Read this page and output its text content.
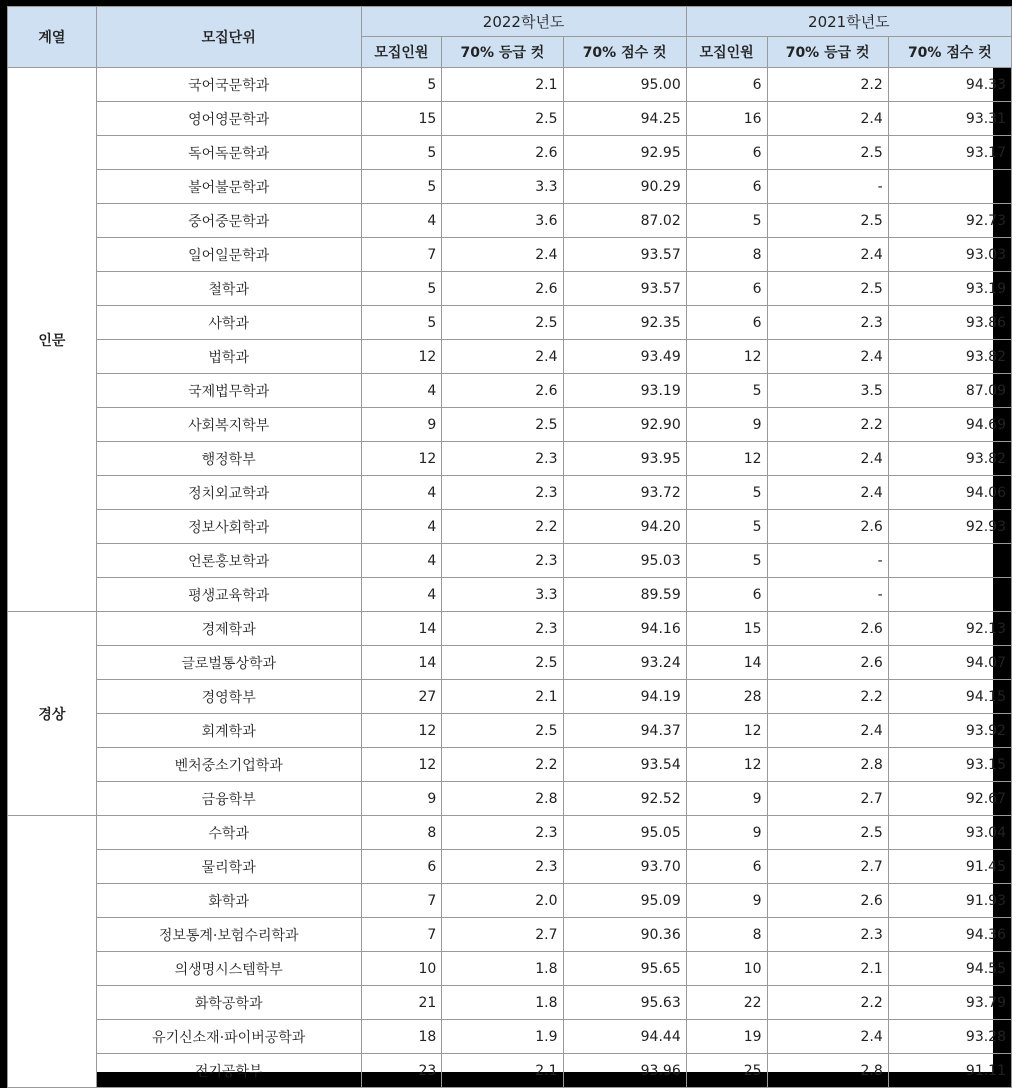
계열	모집단위	2022학년도			2021학년도		
		모집인원	70% 등급 컷	70% 점수 컷	모집인원	70% 등급 컷	70% 점수 컷
인문	국어국문학과	5	2.1	95.00	6	2.2	94.33
	영어영문학과	15	2.5	94.25	16	2.4	93.31
	독어독문학과	5	2.6	92.95	6	2.5	93.17
	불어불문학과	5	3.3	90.29	6	-	
	중어중문학과	4	3.6	87.02	5	2.5	92.73
	일어일문학과	7	2.4	93.57	8	2.4	93.03
	철학과	5	2.6	93.57	6	2.5	93.19
	사학과	5	2.5	92.35	6	2.3	93.86
	법학과	12	2.4	93.49	12	2.4	93.82
	국제법무학과	4	2.6	93.19	5	3.5	87.09
	사회복지학부	9	2.5	92.90	9	2.2	94.69
	행정학부	12	2.3	93.95	12	2.4	93.82
	정치외교학과	4	2.3	93.72	5	2.4	94.06
	정보사회학과	4	2.2	94.20	5	2.6	92.93
	언론홍보학과	4	2.3	95.03	5	-	
	평생교육학과	4	3.3	89.59	6	-	
경상	경제학과	14	2.3	94.16	15	2.6	92.13
	글로벌통상학과	14	2.5	93.24	14	2.6	94.07
	경영학부	27	2.1	94.19	28	2.2	94.15
	회계학과	12	2.5	94.37	12	2.4	93.92
	벤처중소기업학과	12	2.2	93.54	12	2.8	93.15
	금융학부	9	2.8	92.52	9	2.7	92.67
	수학과	8	2.3	95.05	9	2.5	93.04
	물리학과	6	2.3	93.70	6	2.7	91.45
	화학과	7	2.0	95.09	9	2.6	91.93
	정보통계·보험수리학과	7	2.7	90.36	8	2.3	94.36
	의생명시스템학부	10	1.8	95.65	10	2.1	94.55
	화학공학과	21	1.8	95.63	22	2.2	93.79
	유기신소재·파이버공학과	18	1.9	94.44	19	2.4	93.28
	전기공학부	23	2.1	93.96	25	2.8	91.11
